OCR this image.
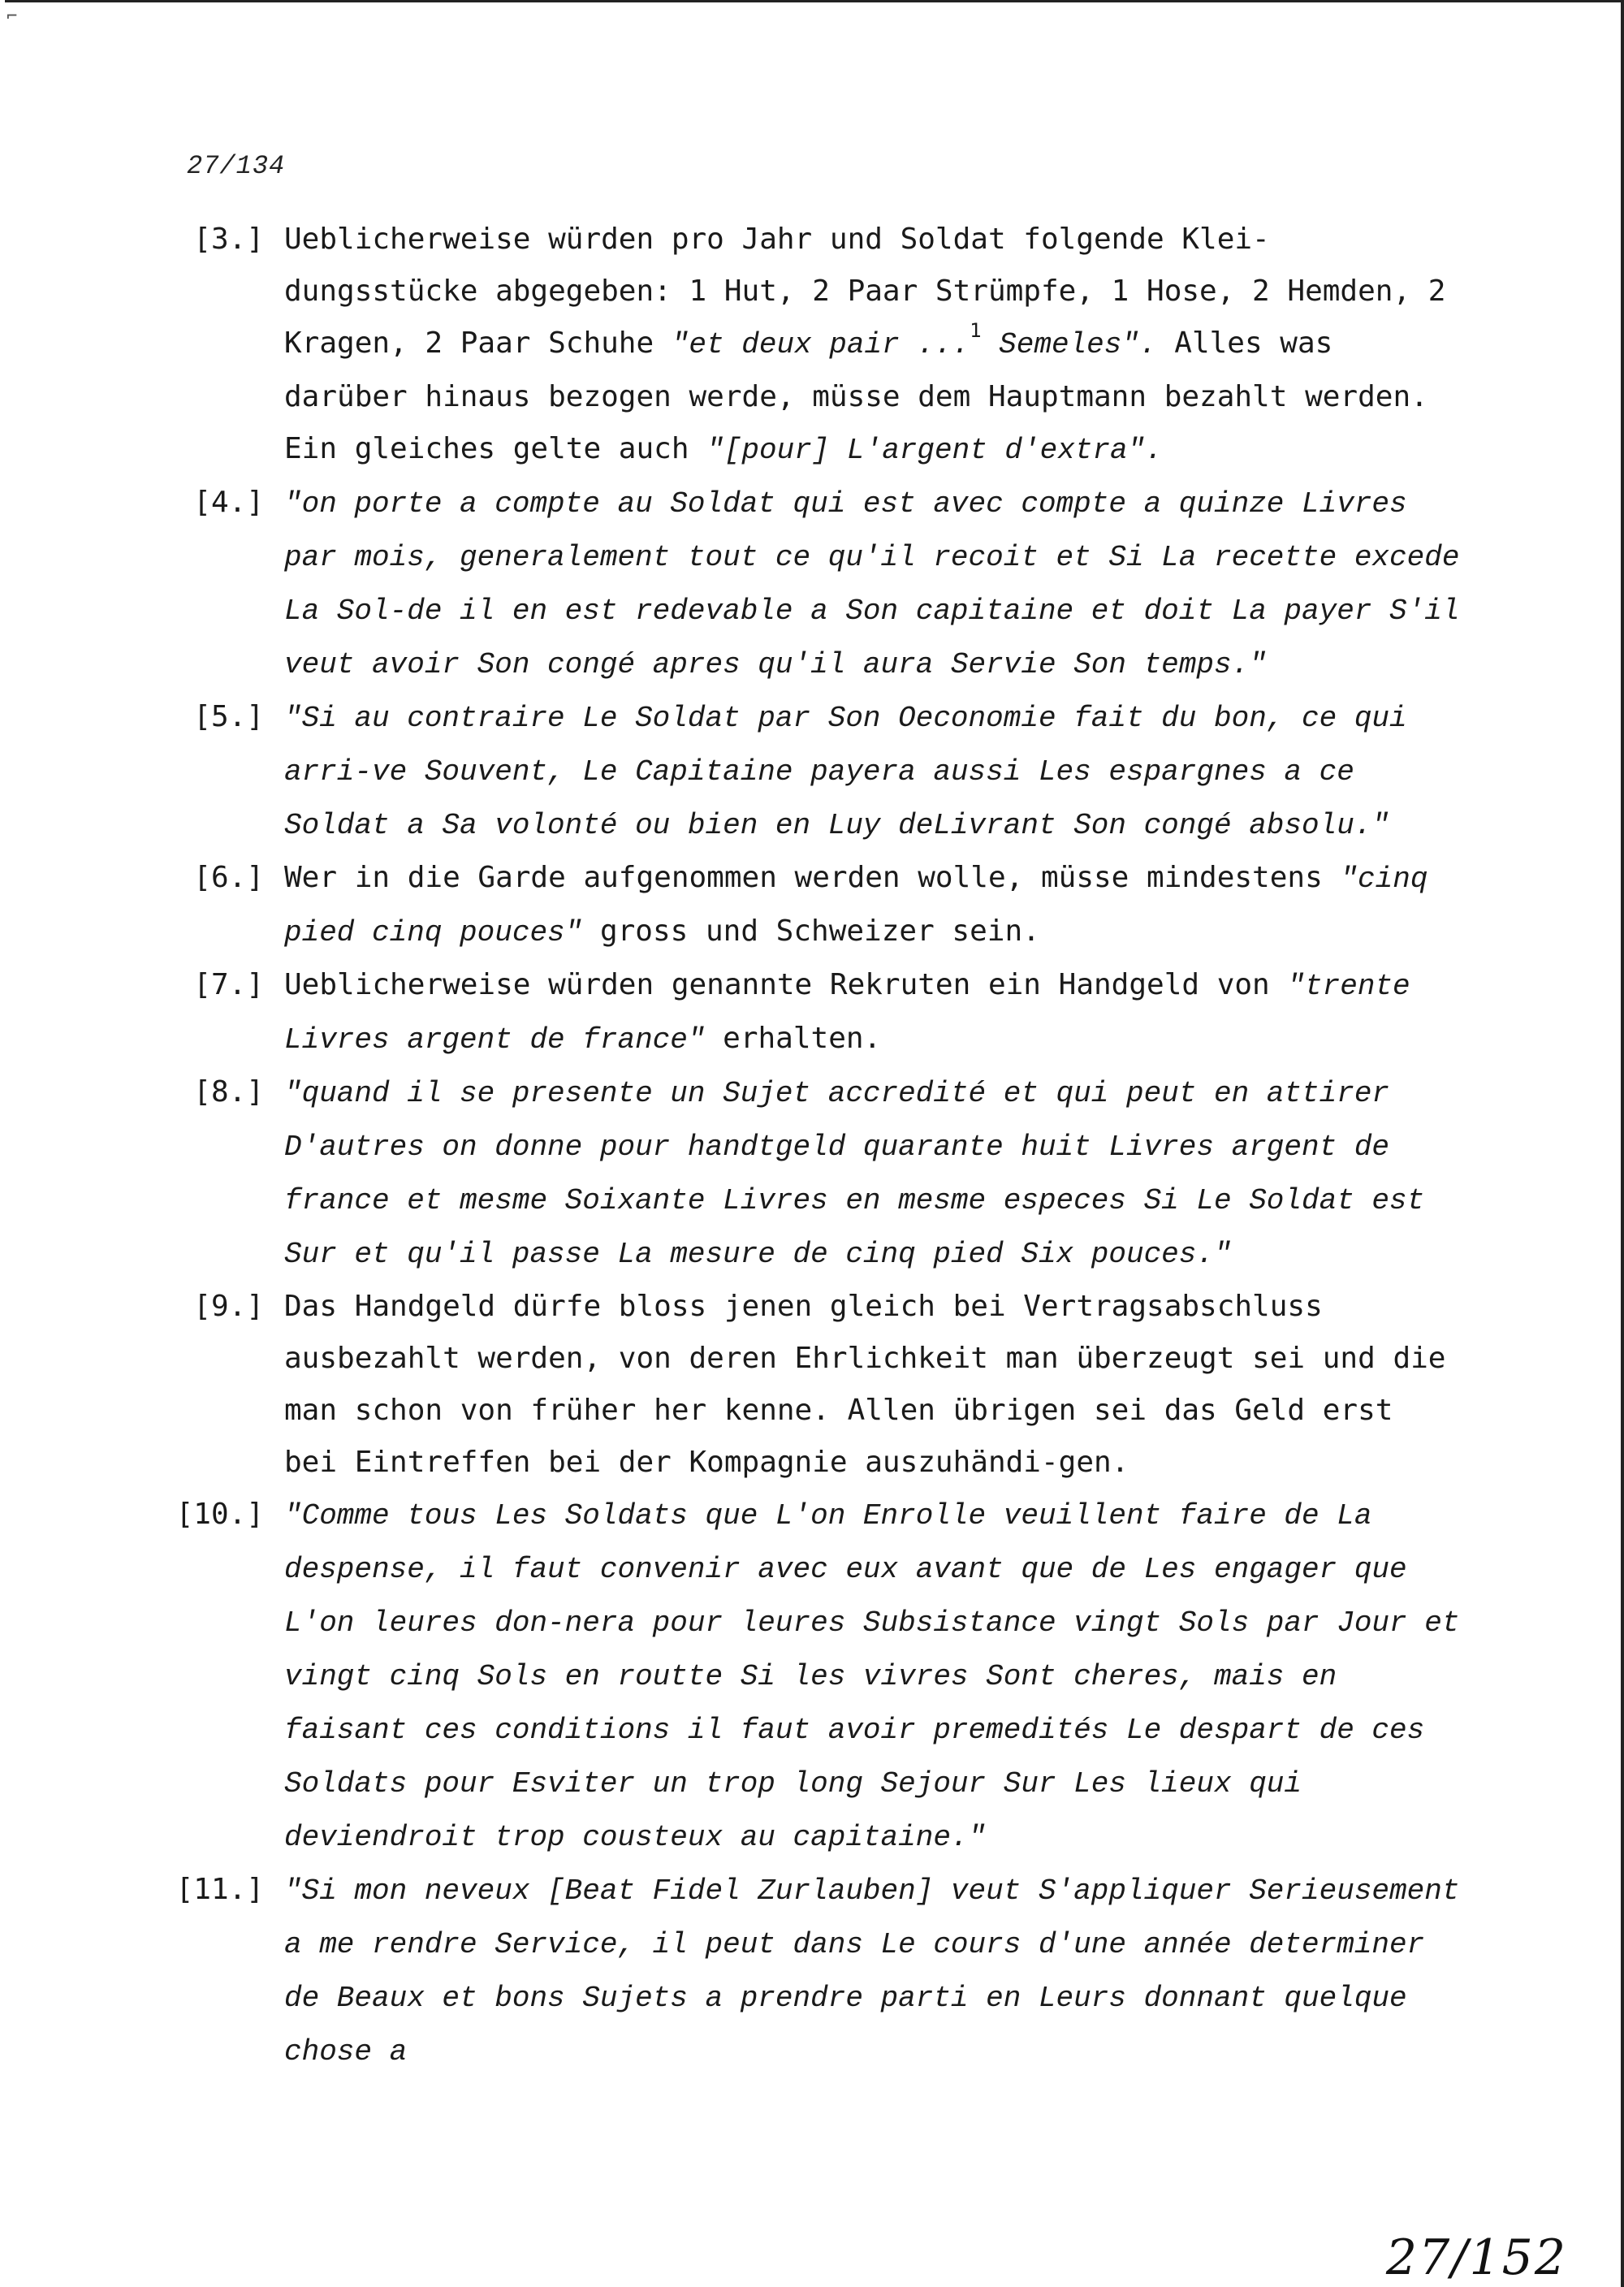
⌐
27/134
[3.] Ueblicherweise würden pro Jahr und Soldat folgende Klei-dungsstücke abgegeben: 1 Hut, 2 Paar Strümpfe, 1 Hose, 2 Hemden, 2 Kragen, 2 Paar Schuhe "et deux pair ...$^1$ Semeles". Alles was darüber hinaus bezogen werde, müsse dem Hauptmann bezahlt werden. Ein gleiches gelte auch "[pour] L'argent d'extra".
[4.] "on porte a compte au Soldat qui est avec compte a quinze Livres par mois, generalement tout ce qu'il recoit et Si La recette excede La Sol-de il en est redevable a Son capitaine et doit La payer S'il veut avoir Son congé apres qu'il aura Servie Son temps."
[5.] "Si au contraire Le Soldat par Son Oeconomie fait du bon, ce qui arri-ve Souvent, Le Capitaine payera aussi Les espargnes a ce Soldat a Sa volonté ou bien en Luy deLivrant Son congé absolu."
[6.] Wer in die Garde aufgenommen werden wolle, müsse mindestens "cinq pied cinq pouces" gross und Schweizer sein.
[7.] Ueblicherweise würden genannte Rekruten ein Handgeld von "trente Livres argent de france" erhalten.
[8.] "quand il se presente un Sujet accredité et qui peut en attirer D'autres on donne pour handtgeld quarante huit Livres argent de france et mesme Soixante Livres en mesme especes Si Le Soldat est Sur et qu'il passe La mesure de cinq pied Six pouces."
[9.] Das Handgeld dürfe bloss jenen gleich bei Vertragsabschluss ausbezahlt werden, von deren Ehrlichkeit man überzeugt sei und die man schon von früher her kenne. Allen übrigen sei das Geld erst bei Eintreffen bei der Kompagnie auszuhändi-gen.
[10.] "Comme tous Les Soldats que L'on Enrolle veuillent faire de La despense, il faut convenir avec eux avant que de Les engager que L'on leures don-nera pour leures Subsistance vingt Sols par Jour et vingt cinq Sols en routte Si les vivres Sont cheres, mais en faisant ces conditions il faut avoir premedités Le despart de ces Soldats pour Esviter un trop long Sejour Sur Les lieux qui deviendroit trop cousteux au capitaine."
[11.] "Si mon neveux [Beat Fidel Zurlauben] veut S'appliquer Serieusement a me rendre Service, il peut dans Le cours d'une année determiner de Beaux et bons Sujets a prendre parti en Leurs donnant quelque chose a
27/152
